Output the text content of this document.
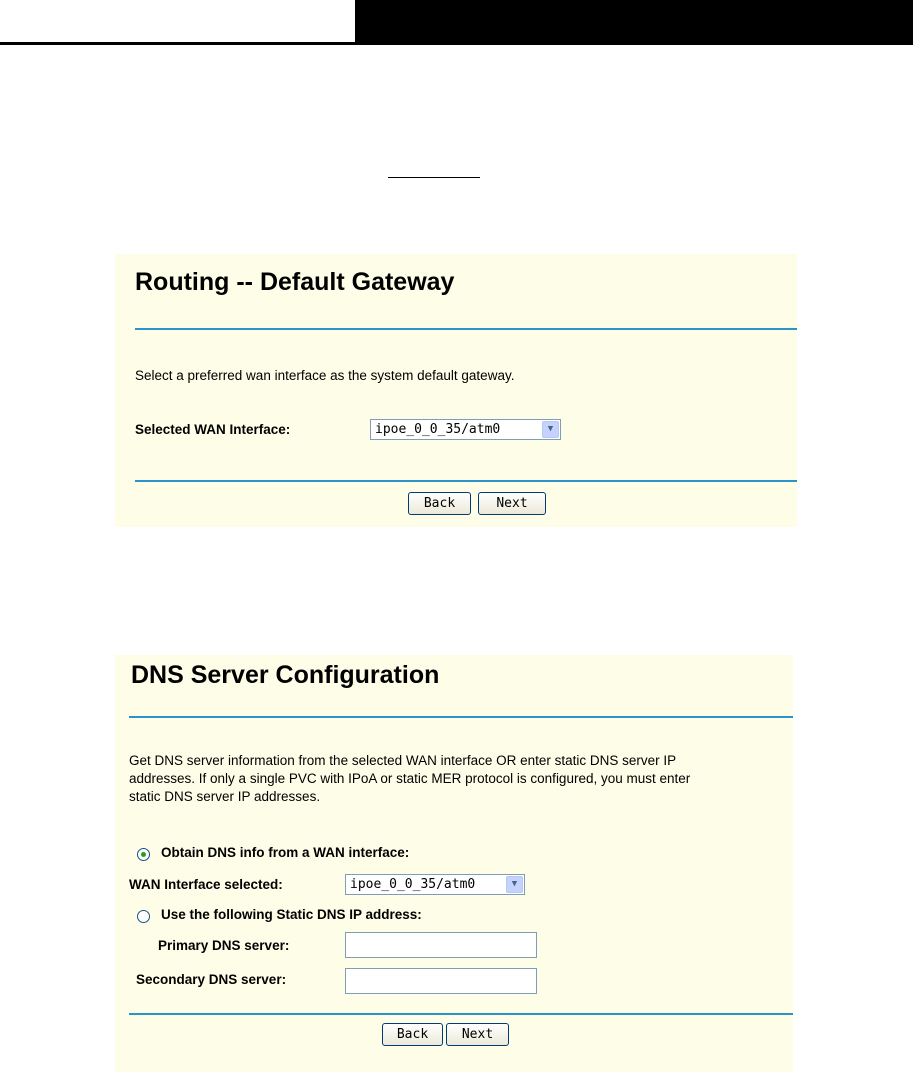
Routing -- Default Gateway
Select a preferred wan interface as the system default gateway.
Selected WAN Interface:	ipoe_0_0_35/atm0	▼
Back	Next
DNS Server Configuration
Get DNS server information from the selected WAN interface OR enter static DNS server IP
addresses. If only a single PVC with IPoA or static MER protocol is configured, you must enter
static DNS server IP addresses.
Obtain DNS info from a WAN interface:
WAN Interface selected:	ipoe_0_0_35/atm0	▼
Use the following Static DNS IP address:
Primary DNS server:
Secondary DNS server:
Back	Next
